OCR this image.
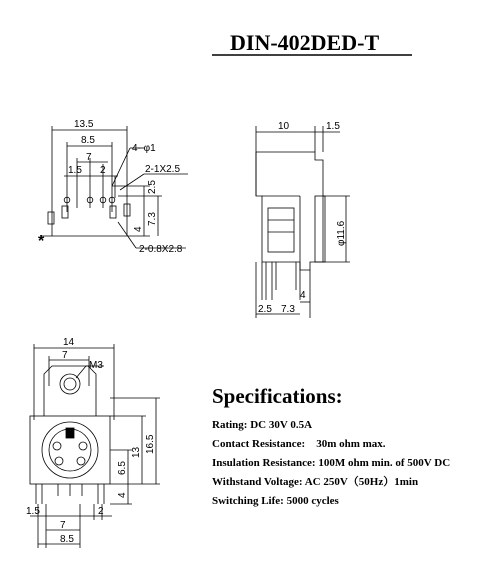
DIN-402DED-T
13.5
8.5
7
1.5 2
4- φ1
2-1X2.5
2.5
4
7.3
2-0.8X2.8
*
10	1.5
φ11.6
2.5 7.3
4
14
7
M3
16.5
13
6.5
4
1.5
7
2
8.5
Specifications:
Rating: DC 30V 0.5A
Contact Resistance:    30m ohm max.
Insulation Resistance: 100M ohm min. of 500V DC
Withstand Voltage: AC 250V（50Hz）1min
Switching Life: 5000 cycles
